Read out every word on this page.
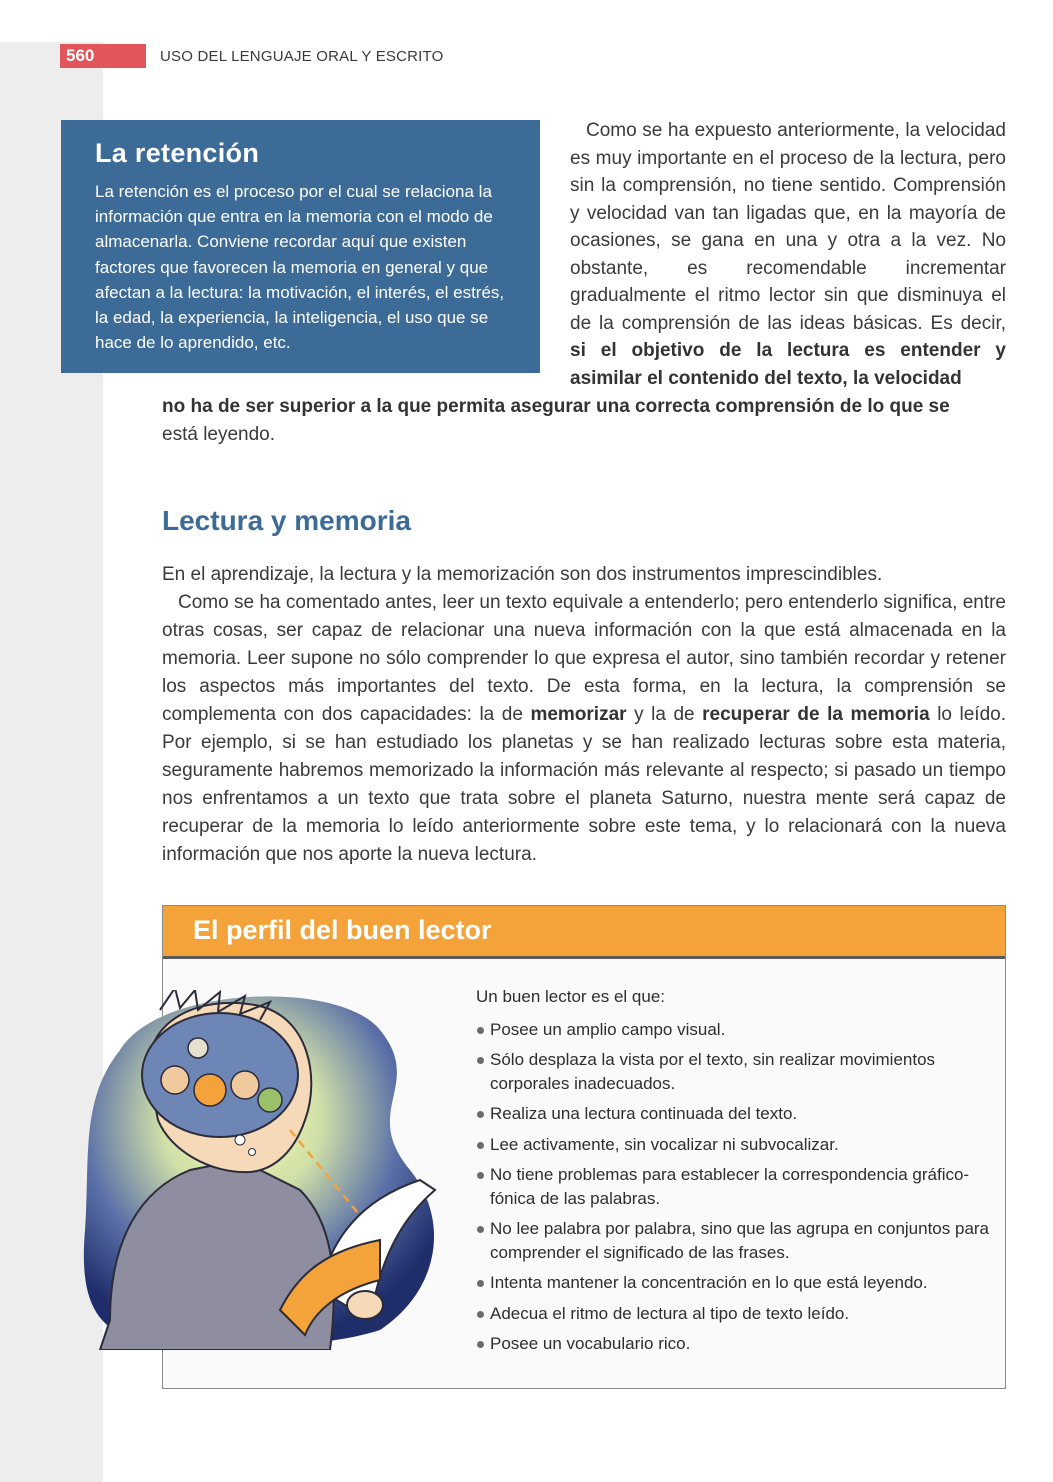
560	USO DEL LENGUAJE ORAL Y ESCRITO
La retención

La retención es el proceso por el cual se relaciona la información que entra en la memoria con el modo de almacenarla. Conviene recordar aquí que existen factores que favorecen la memoria en general y que afectan a la lectura: la motivación, el interés, el estrés, la edad, la experiencia, la inteligencia, el uso que se hace de lo aprendido, etc.

Como se ha expuesto anteriormente, la velocidad es muy importante en el proceso de la lectura, pero sin la comprensión, no tiene sentido. Comprensión y velocidad van tan ligadas que, en la mayoría de ocasiones, se gana en una y otra a la vez. No obstante, es recomendable incrementar gradualmente el ritmo lector sin que disminuya el de la comprensión de las ideas básicas. Es decir, si el objetivo de la lectura es entender y asimilar el contenido del texto, la velocidad

no ha de ser superior a la que permita asegurar una correcta comprensión de lo que se
está leyendo.

Lectura y memoria

En el aprendizaje, la lectura y la memorización son dos instrumentos imprescindibles.

Como se ha comentado antes, leer un texto equivale a entenderlo; pero entenderlo significa, entre otras cosas, ser capaz de relacionar una nueva información con la que está almacenada en la memoria. Leer supone no sólo comprender lo que expresa el autor, sino también recordar y retener los aspectos más importantes del texto. De esta forma, en la lectura, la comprensión se complementa con dos capacidades: la de memorizar y la de recuperar de la memoria lo leído. Por ejemplo, si se han estudiado los planetas y se han realizado lecturas sobre esta materia, seguramente habremos memorizado la información más relevante al respecto; si pasado un tiempo nos enfrentamos a un texto que trata sobre el planeta Saturno, nuestra mente será capaz de recuperar de la memoria lo leído anteriormente sobre este tema, y lo relacionará con la nueva información que nos aporte la nueva lectura.

El perfil del buen lector

Un buen lector es el que:

Posee un amplio campo visual.
Sólo desplaza la vista por el texto, sin realizar movimientos corporales inadecuados.
Realiza una lectura continuada del texto.
Lee activamente, sin vocalizar ni subvocalizar.
No tiene problemas para establecer la correspondencia gráfico-fónica de las palabras.
No lee palabra por palabra, sino que las agrupa en conjuntos para comprender el significado de las frases.
Intenta mantener la concentración en lo que está leyendo.
Adecua el ritmo de lectura al tipo de texto leído.
Posee un vocabulario rico.
